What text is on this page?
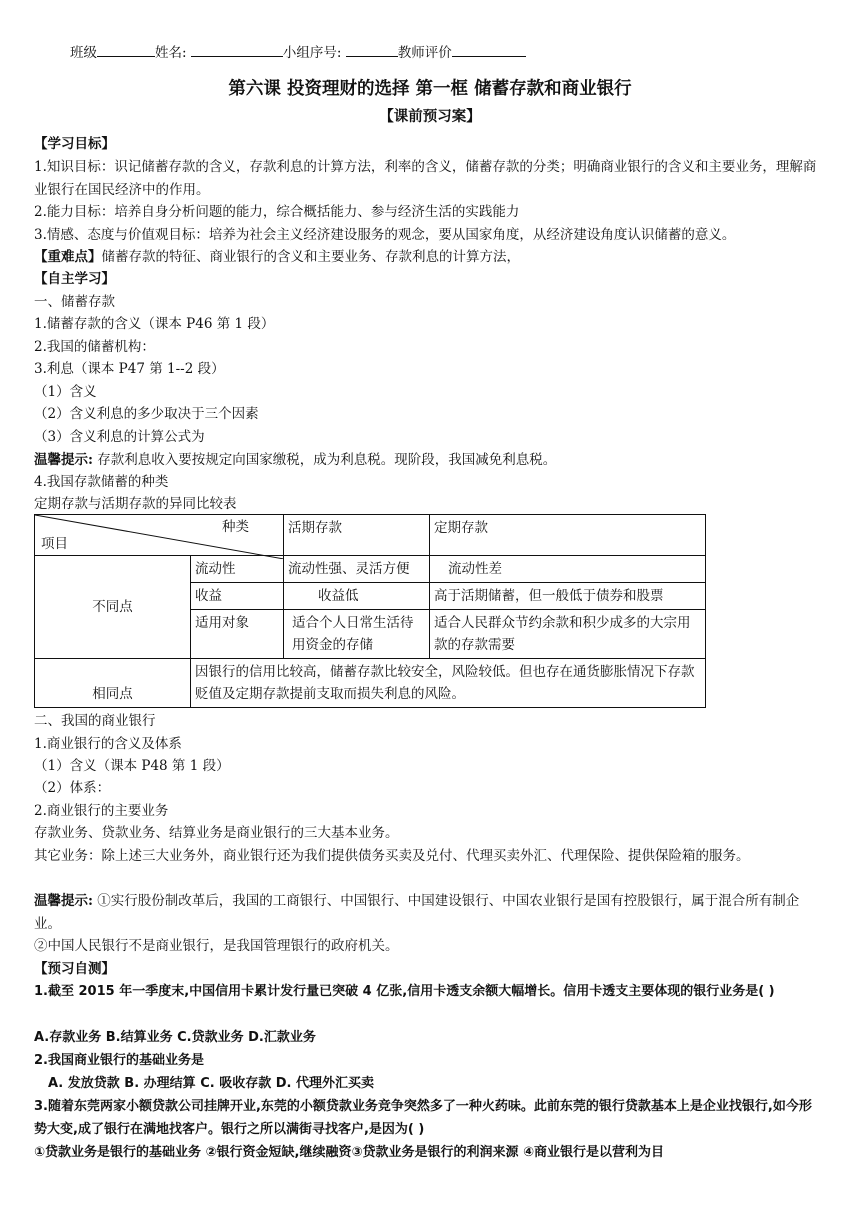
班级	姓名:	小组序号:	教师评价
第六课 投资理财的选择 第一框 储蓄存款和商业银行
【课前预习案】
【学习目标】
1.知识目标：识记储蓄存款的含义，存款利息的计算方法，利率的含义，储蓄存款的分类；明确商业银行的含义和主要业务，理解商业银行在国民经济中的作用。
2.能力目标：培养自身分析问题的能力，综合概括能力、参与经济生活的实践能力
3.情感、态度与价值观目标：培养为社会主义经济建设服务的观念，要从国家角度，从经济建设角度认识储蓄的意义。
【重难点】储蓄存款的特征、商业银行的含义和主要业务、存款利息的计算方法，
【自主学习】
一、储蓄存款
1.储蓄存款的含义（课本 P46 第 1 段）
2.我国的储蓄机构：
3.利息（课本 P47 第 1--2 段）
（1）含义
（2）含义利息的多少取决于三个因素
（3）含义利息的计算公式为
温馨提示: 存款利息收入要按规定向国家缴税，成为利息税。现阶段，我国减免利息税。
4.我国存款储蓄的种类
定期存款与活期存款的异同比较表
种类
项目		活期存款	定期存款
不同点	流动性	流动性强、灵活方便	流动性差
	收益	收益低	高于活期储蓄，但一般低于债券和股票
	适用对象	适合个人日常生活待用资金的存储	适合人民群众节约余款和积少成多的大宗用款的存款需要
相同点	因银行的信用比较高，储蓄存款比较安全，风险较低。但也存在通货膨胀情况下存款贬值及定期存款提前支取而损失利息的风险。		
二、我国的商业银行
1.商业银行的含义及体系
（1）含义（课本 P48 第 1 段）
（2）体系：
2.商业银行的主要业务
存款业务、贷款业务、结算业务是商业银行的三大基本业务。
其它业务：除上述三大业务外，商业银行还为我们提供债务买卖及兑付、代理买卖外汇、代理保险、提供保险箱的服务。
温馨提示: ①实行股份制改革后，我国的工商银行、中国银行、中国建设银行、中国农业银行是国有控股银行，属于混合所有制企业。
②中国人民银行不是商业银行，是我国管理银行的政府机关。
【预习自测】
1.截至 2015 年一季度末,中国信用卡累计发行量已突破 4 亿张,信用卡透支余额大幅增长。信用卡透支主要体现的银行业务是( )
A.存款业务 B.结算业务 C.贷款业务 D.汇款业务
2.我国商业银行的基础业务是
A. 发放贷款 B. 办理结算 C. 吸收存款 D. 代理外汇买卖
3.随着东莞两家小额贷款公司挂牌开业,东莞的小额贷款业务竞争突然多了一种火药味。此前东莞的银行贷款基本上是企业找银行,如今形势大变,成了银行在满地找客户。银行之所以满街寻找客户,是因为( )
①贷款业务是银行的基础业务 ②银行资金短缺,继续融资③贷款业务是银行的利润来源 ④商业银行是以营利为目
